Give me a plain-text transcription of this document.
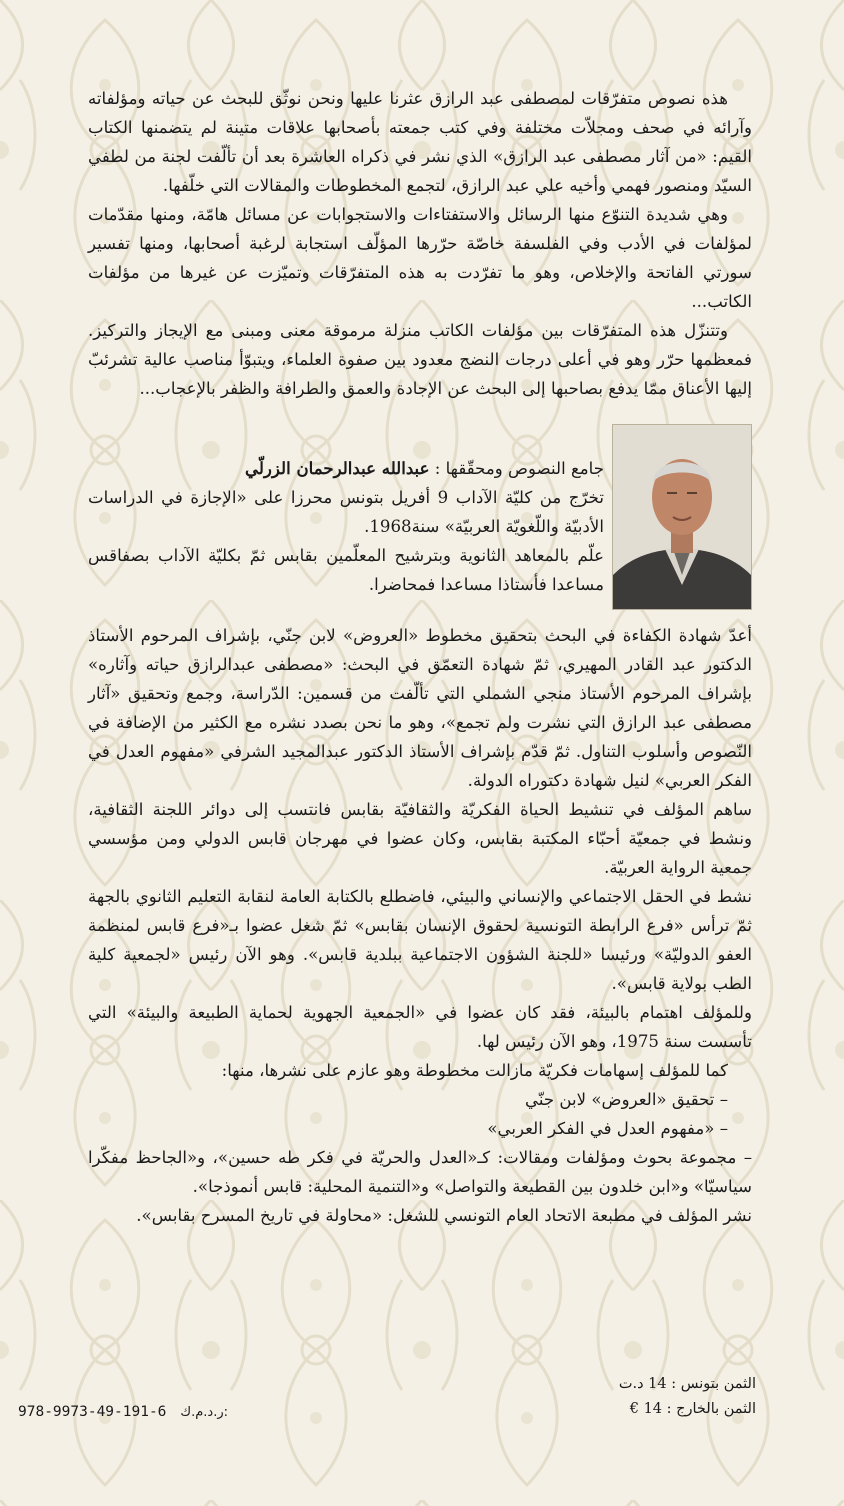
هذه نصوص متفرّقات لمصطفى عبد الرازق عثرنا عليها ونحن نوثّق للبحث عن حياته ومؤلفاته وآرائه في صحف ومجلاّت مختلفة وفي كتب جمعته بأصحابها علاقات متينة لم يتضمنها الكتاب القيم: «من آثار مصطفى عبد الرازق» الذي نشر في ذكراه العاشرة بعد أن تألّفت لجنة من لطفي السيّد ومنصور فهمي وأخيه علي عبد الرازق، لتجمع المخطوطات والمقالات التي خلّفها.

وهي شديدة التنوّع منها الرسائل والاستفتاءات والاستجوابات عن مسائل هامّة، ومنها مقدّمات لمؤلفات في الأدب وفي الفلسفة خاصّة حرّرها المؤلّف استجابة لرغبة أصحابها، ومنها تفسير سورتي الفاتحة والإخلاص، وهو ما تفرّدت به هذه المتفرّقات وتميّزت عن غيرها من مؤلفات الكاتب...

وتتنزّل هذه المتفرّقات بين مؤلفات الكاتب منزلة مرموقة معنى ومبنى مع الإيجاز والتركيز. فمعظمها حرّر وهو في أعلى درجات النضج معدود بين صفوة العلماء، ويتبوّأ مناصب عالية تشرئبّ إليها الأعناق ممّا يدفع بصاحبها إلى البحث عن الإجادة والعمق والطرافة والظفر بالإعجاب...

جامع النصوص ومحقّقها : عبدالله عبدالرحمان الزرلّي

تخرّج من كليّة الآداب 9 أفريل بتونس محرزا على «الإجازة في الدراسات الأدبيّة واللّغويّة العربيّة» سنة1968.

علّم بالمعاهد الثانوية وبترشيح المعلّمين بقابس ثمّ بكليّة الآداب بصفاقس مساعدا فأستاذا مساعدا فمحاضرا.

أعدّ شهادة الكفاءة في البحث بتحقيق مخطوط «العروض» لابن جنّي، بإشراف المرحوم الأستاذ الدكتور عبد القادر المهيري، ثمّ شهادة التعمّق في البحث: «مصطفى عبدالرازق حياته وآثاره» بإشراف المرحوم الأستاذ منجي الشملي التي تألّفت من قسمين: الدّراسة، وجمع وتحقيق «آثار مصطفى عبد الرازق التي نشرت ولم تجمع»، وهو ما نحن بصدد نشره مع الكثير من الإضافة في النّصوص وأسلوب التناول. ثمّ قدّم بإشراف الأستاذ الدكتور عبدالمجيد الشرفي «مفهوم العدل في الفكر العربي» لنيل شهادة دكتوراه الدولة.

ساهم المؤلف في تنشيط الحياة الفكريّة والثقافيّة بقابس فانتسب إلى دوائر اللجنة الثقافية، ونشط في جمعيّة أحبّاء المكتبة بقابس، وكان عضوا في مهرجان قابس الدولي ومن مؤسسي جمعية الرواية العربيّة.

نشط في الحقل الاجتماعي والإنساني والبيئي، فاضطلع بالكتابة العامة لنقابة التعليم الثانوي بالجهة ثمّ ترأس «فرع الرابطة التونسية لحقوق الإنسان بقابس» ثمّ شغل عضوا بـ«فرع قابس لمنظمة العفو الدوليّة» ورئيسا «للجنة الشؤون الاجتماعية ببلدية قابس». وهو الآن رئيس «لجمعية كلية الطب بولاية قابس».

وللمؤلف اهتمام بالبيئة، فقد كان عضوا في «الجمعية الجهوية لحماية الطبيعة والبيئة» التي تأسست سنة 1975، وهو الآن رئيس لها.

كما للمؤلف إسهامات فكريّة مازالت مخطوطة وهو عازم على نشرها، منها:

– تحقيق «العروض» لابن جنّي

– «مفهوم العدل في الفكر العربي»

– مجموعة بحوث ومؤلفات ومقالات: كـ«العدل والحريّة في فكر طه حسين»، و«الجاحظ مفكّرا سياسيّا» و«ابن خلدون بين القطيعة والتواصل» و«التنمية المحلية: قابس أنموذجا».

نشر المؤلف في مطبعة الاتحاد العام التونسي للشغل: «محاولة في تاريخ المسرح بقابس».

الثمن بتونس : 14 د.ت
الثمن بالخارج : 14 €
978-9973-49-191-6 ر.د.م.ك:
